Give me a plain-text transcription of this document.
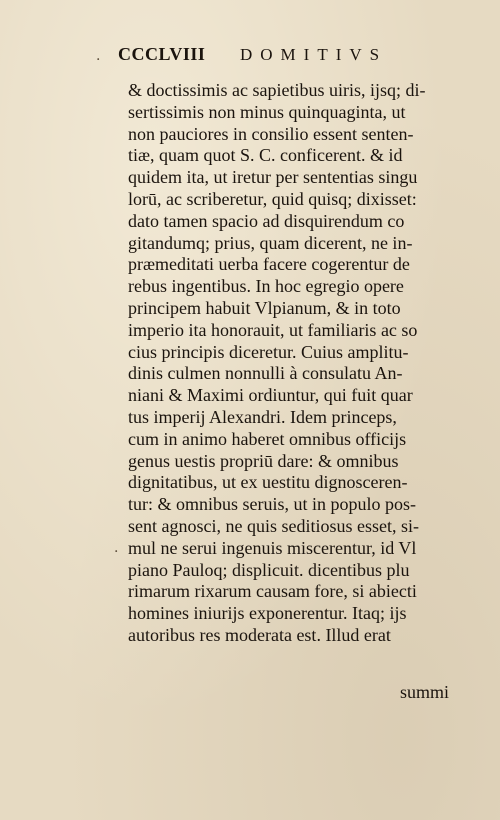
CCCLVIII DOMITIVS
·
·
& doctissimis ac sapietibus uiris, ijsq; di-
sertissimis non minus quinquaginta, ut
non pauciores in consilio essent senten-
tiæ, quam quot S. C. conficerent. & id
quidem ita, ut iretur per sententias singu
lorū, ac scriberetur, quid quisq; dixisset:
dato tamen spacio ad disquirendum co
gitandumq; prius, quam dicerent, ne in-
præmeditati uerba facere cogerentur de
rebus ingentibus. In hoc egregio opere
principem habuit Vlpianum, & in toto
imperio ita honorauit, ut familiaris ac so
cius principis diceretur. Cuius amplitu-
dinis culmen nonnulli à consulatu An-
niani & Maximi ordiuntur, qui fuit quar
tus imperij Alexandri. Idem princeps,
cum in animo haberet omnibus officijs
genus uestis propriū dare: & omnibus
dignitatibus, ut ex uestitu dignosceren-
tur: & omnibus seruis, ut in populo pos-
sent agnosci, ne quis seditiosus esset, si-
mul ne serui ingenuis miscerentur, id Vl
piano Pauloq; displicuit. dicentibus plu
rimarum rixarum causam fore, si abiecti
homines iniurijs exponerentur. Itaq; ijs
autoribus res moderata est. Illud erat
summi
